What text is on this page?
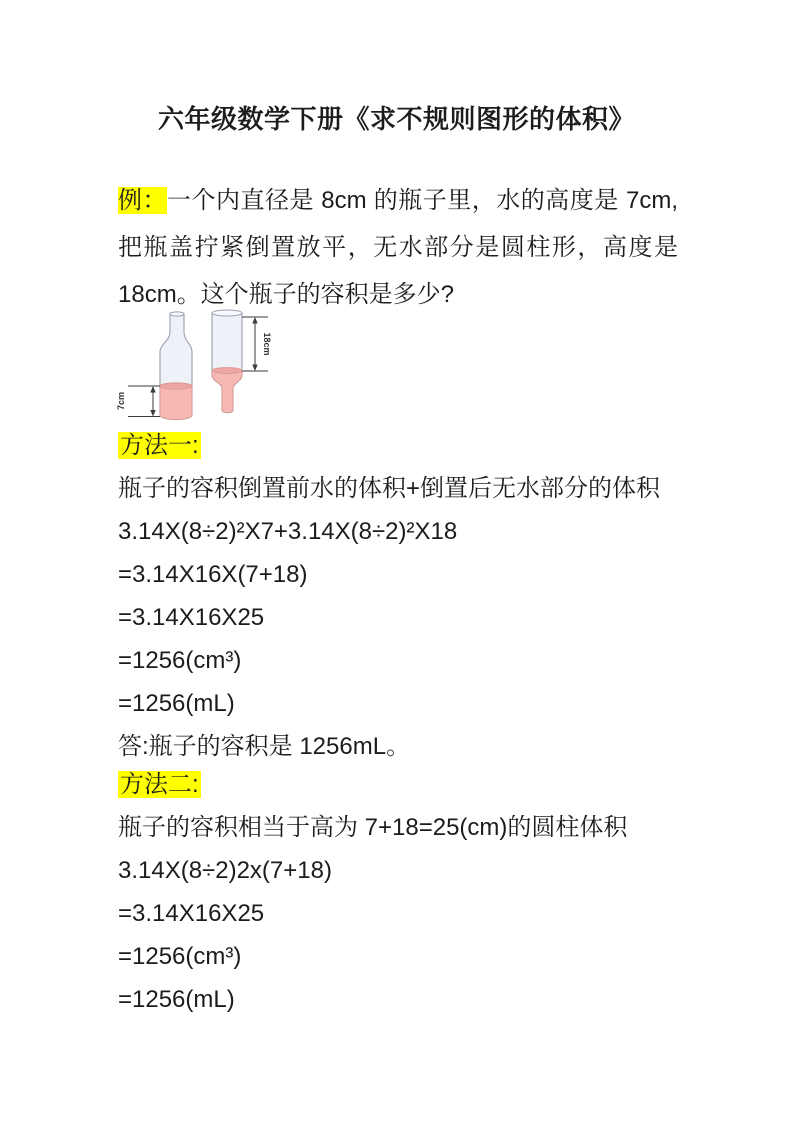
六年级数学下册《求不规则图形的体积》

例：一个内直径是 8cm 的瓶子里，水的高度是 7cm,把瓶盖拧紧倒置放平，无水部分是圆柱形，高度是 18cm。这个瓶子的容积是多少?

7cm
18cm
方法一:
瓶子的容积倒置前水的体积+倒置后无水部分的体积
3.14X(8÷2)²X7+3.14X(8÷2)²X18
=3.14X16X(7+18)
=3.14X16X25
=1256(cm³)
=1256(mL)
答:瓶子的容积是 1256mL。
方法二:
瓶子的容积相当于高为 7+18=25(cm)的圆柱体积
3.14X(8÷2)2x(7+18)
=3.14X16X25
=1256(cm³)
=1256(mL)
